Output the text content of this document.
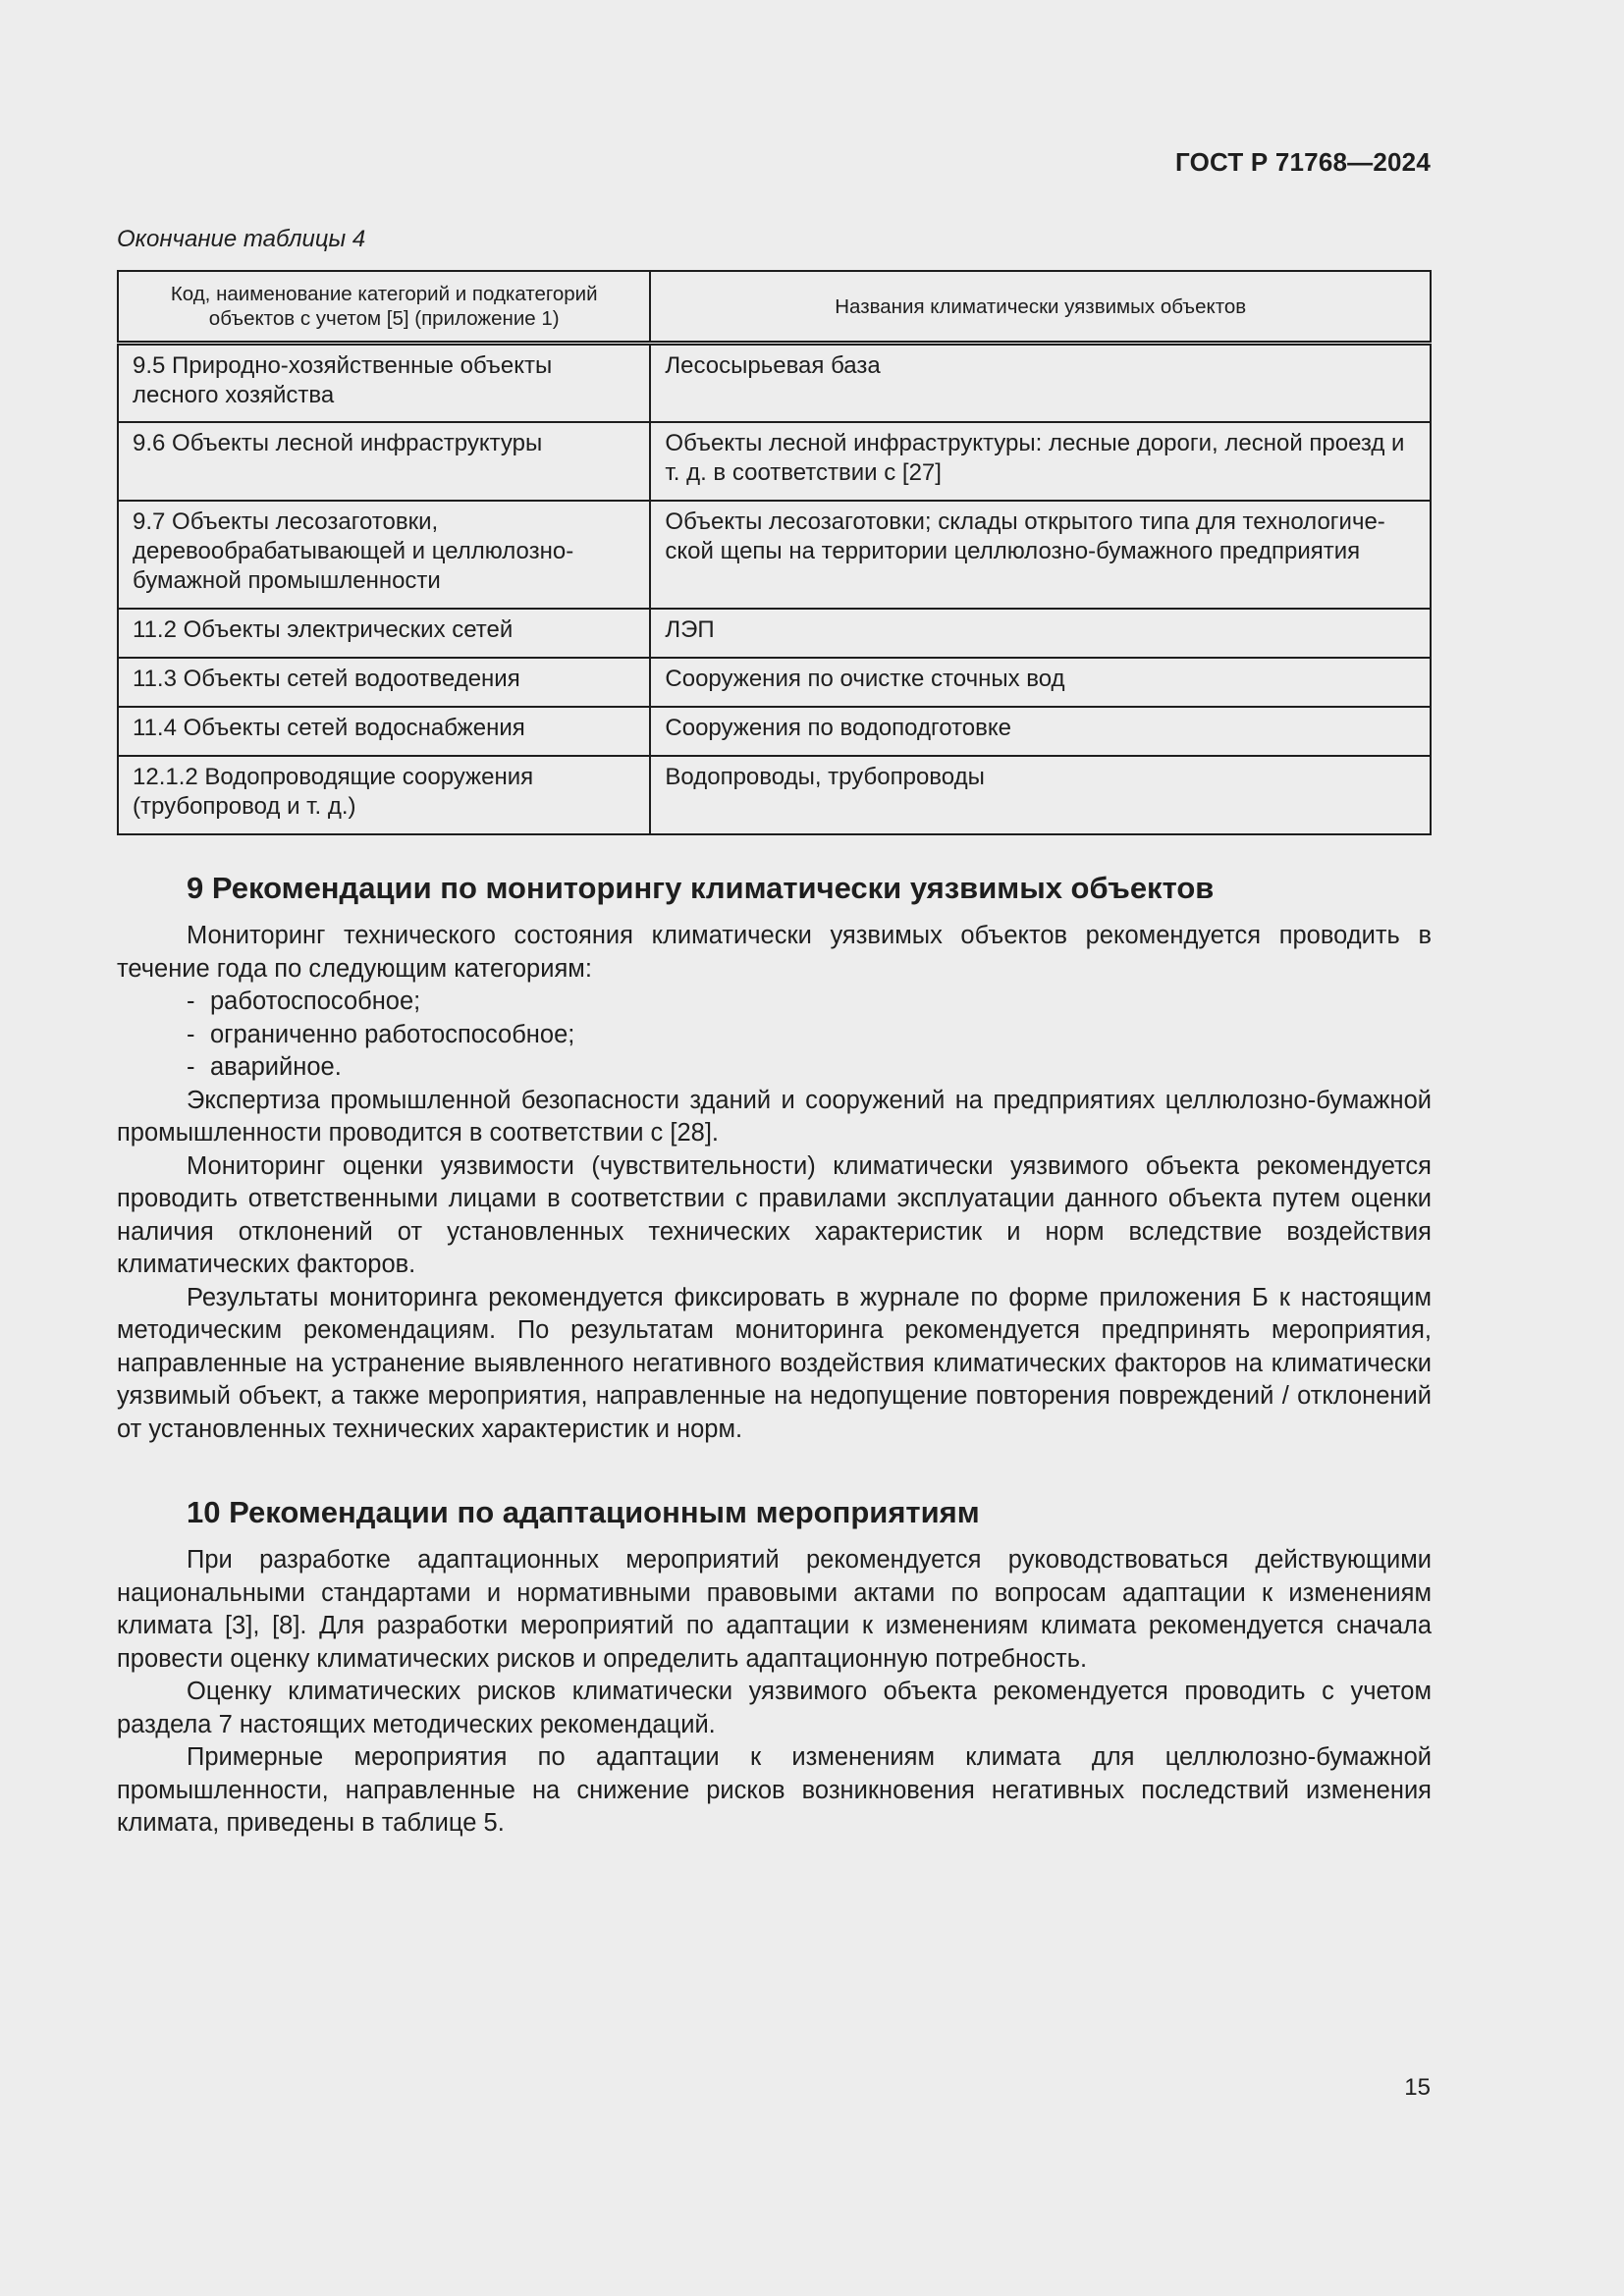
ГОСТ Р 71768—2024
Окончание таблицы 4
Код, наименование категорий и подкатегорий объектов с учетом [5] (приложение 1)	Названия климатически уязвимых объектов
9.5 Природно-хозяйственные объекты лесного хозяйства	Лесосырьевая база
9.6 Объекты лесной инфраструктуры	Объекты лесной инфраструктуры: лесные дороги, лесной проезд и т. д. в соответствии с [27]
9.7 Объекты лесозаготовки, деревообрабатывающей и целлюлозно-бумажной промышленности	Объекты лесозаготовки; склады открытого типа для технологиче-ской щепы на территории целлюлозно-бумажного предприятия
11.2 Объекты электрических сетей	ЛЭП
11.3 Объекты сетей водоотведения	Сооружения по очистке сточных вод
11.4 Объекты сетей водоснабжения	Сооружения по водоподготовке
12.1.2 Водопроводящие сооружения (трубопровод и т. д.)	Водопроводы, трубопроводы
9 Рекомендации по мониторингу климатически уязвимых объектов

Мониторинг технического состояния климатически уязвимых объектов рекомендуется проводить в течение года по следующим категориям:

- работоспособное;
- ограниченно работоспособное;
- аварийное.

Экспертиза промышленной безопасности зданий и сооружений на предприятиях целлюлозно-бумажной промышленности проводится в соответствии с [28].

Мониторинг оценки уязвимости (чувствительности) климатически уязвимого объекта рекомендуется проводить ответственными лицами в соответствии с правилами эксплуатации данного объекта путем оценки наличия отклонений от установленных технических характеристик и норм вследствие воздействия климатических факторов.

Результаты мониторинга рекомендуется фиксировать в журнале по форме приложения Б к настоящим методическим рекомендациям. По результатам мониторинга рекомендуется предпринять мероприятия, направленные на устранение выявленного негативного воздействия климатических факторов на климатически уязвимый объект, а также мероприятия, направленные на недопущение повторения повреждений / отклонений от установленных технических характеристик и норм.

10 Рекомендации по адаптационным мероприятиям

При разработке адаптационных мероприятий рекомендуется руководствоваться действующими национальными стандартами и нормативными правовыми актами по вопросам адаптации к изменениям климата [3], [8]. Для разработки мероприятий по адаптации к изменениям климата рекомендуется сначала провести оценку климатических рисков и определить адаптационную потребность.

Оценку климатических рисков климатически уязвимого объекта рекомендуется проводить с учетом раздела 7 настоящих методических рекомендаций.

Примерные мероприятия по адаптации к изменениям климата для целлюлозно-бумажной промышленности, направленные на снижение рисков возникновения негативных последствий изменения климата, приведены в таблице 5.

15
